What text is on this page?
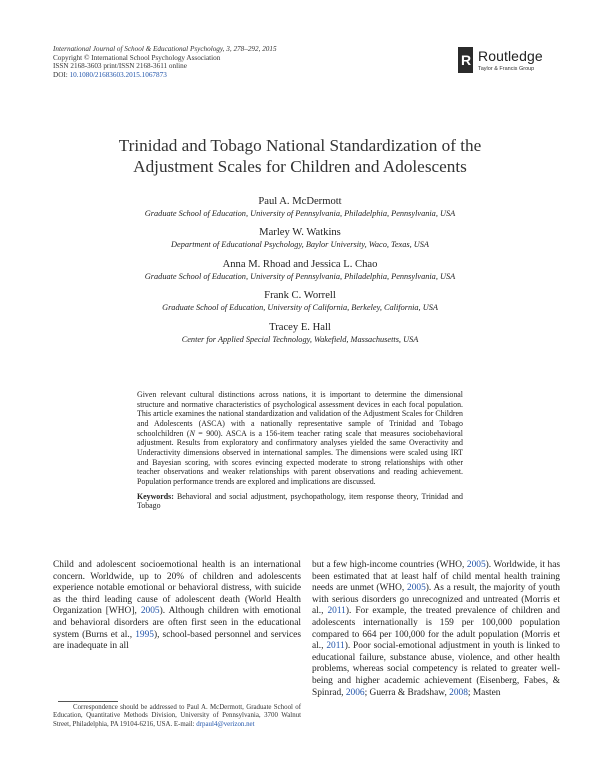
International Journal of School & Educational Psychology, 3, 278–292, 2015
Copyright © International School Psychology Association
ISSN 2168-3603 print/ISSN 2168-3611 online
DOI: 10.1080/21683603.2015.1067873
R Routledge
Taylor & Francis Group
Trinidad and Tobago National Standardization of the
Adjustment Scales for Children and Adolescents
Paul A. McDermott
Graduate School of Education, University of Pennsylvania, Philadelphia, Pennsylvania, USA
Marley W. Watkins
Department of Educational Psychology, Baylor University, Waco, Texas, USA
Anna M. Rhoad and Jessica L. Chao
Graduate School of Education, University of Pennsylvania, Philadelphia, Pennsylvania, USA
Frank C. Worrell
Graduate School of Education, University of California, Berkeley, California, USA
Tracey E. Hall
Center for Applied Special Technology, Wakefield, Massachusetts, USA

Given relevant cultural distinctions across nations, it is important to determine the dimensional structure and normative characteristics of psychological assessment devices in each focal population. This article examines the national standardization and validation of the Adjustment Scales for Children and Adolescents (ASCA) with a nationally representative sample of Trinidad and Tobago schoolchildren (N = 900). ASCA is a 156-item teacher rating scale that measures sociobehavioral adjustment. Results from exploratory and confirmatory analyses yielded the same Overactivity and Underactivity dimensions observed in international samples. The dimensions were scaled using IRT and Bayesian scoring, with scores evincing expected moderate to strong relationships with other teacher observations and weaker relationships with parent observations and reading achievement. Population performance trends are explored and implications are discussed.

Keywords: Behavioral and social adjustment, psychopathology, item response theory, Trinidad and Tobago

Child and adolescent socioemotional health is an international concern. Worldwide, up to 20% of children and adolescents experience notable emotional or behavioral distress, with suicide as the third leading cause of adolescent death (World Health Organization [WHO], 2005). Although children with emotional and behavioral disorders are often first seen in the educational system (Burns et al., 1995), school-based personnel and services are inadequate in all

Correspondence should be addressed to Paul A. McDermott, Graduate School of Education, Quantitative Methods Division, University of Pennsylvania, 3700 Walnut Street, Philadelphia, PA 19104-6216, USA. E-mail: drpaul4@verizon.net

but a few high-income countries (WHO, 2005). Worldwide, it has been estimated that at least half of child mental health training needs are unmet (WHO, 2005). As a result, the majority of youth with serious disorders go unrecognized and untreated (Morris et al., 2011). For example, the treated prevalence of children and adolescents internationally is 159 per 100,000 population compared to 664 per 100,000 for the adult population (Morris et al., 2011). Poor social-emotional adjustment in youth is linked to educational failure, substance abuse, violence, and other health problems, whereas social competency is related to greater well-being and higher academic achievement (Eisenberg, Fabes, & Spinrad, 2006; Guerra & Bradshaw, 2008; Masten
